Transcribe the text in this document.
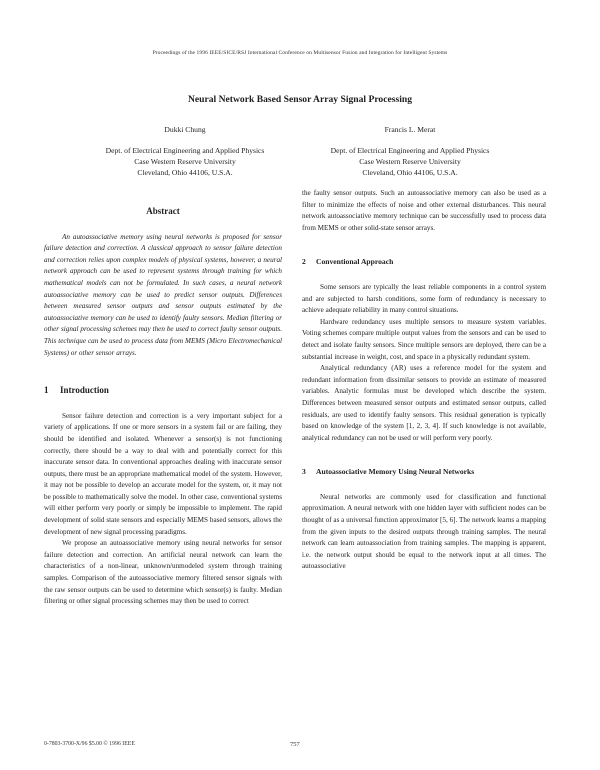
Proceedings of the 1996 IEEE/SICE/RSJ International Conference on Multisensor Fusion and Integration for Intelligent Systems
Neural Network Based Sensor Array Signal Processing
Dukki Chung
Dept. of Electrical Engineering and Applied Physics
Case Western Reserve University
Cleveland, Ohio 44106, U.S.A.
Francis L. Merat
Dept. of Electrical Engineering and Applied Physics
Case Western Reserve University
Cleveland, Ohio 44106, U.S.A.
Abstract

An autoassociative memory using neural networks is proposed for sensor failure detection and correction. A classical approach to sensor failure detection and correction relies upon complex models of physical systems, however, a neural network approach can be used to represent systems through training for which mathematical models can not be formulated. In such cases, a neural network autoassociative memory can be used to predict sensor outputs. Differences between measured sensor outputs and sensor outputs estimated by the autoassociative memory can be used to identify faulty sensors. Median filtering or other signal processing schemes may then be used to correct faulty sensor outputs. This technique can be used to process data from MEMS (Micro Electromechanical Systems) or other sensor arrays.

1 Introduction

Sensor failure detection and correction is a very important subject for a variety of applications. If one or more sensors in a system fail or are failing, they should be identified and isolated. Whenever a sensor(s) is not functioning correctly, there should be a way to deal with and potentially correct for this inaccurate sensor data. In conventional approaches dealing with inaccurate sensor outputs, there must be an appropriate mathematical model of the system. However, it may not be possible to develop an accurate model for the system, or, it may not be possible to mathematically solve the model. In other case, conventional systems will either perform very poorly or simply be impossible to implement. The rapid development of solid state sensors and especially MEMS based sensors, allows the development of new signal processing paradigms.

We propose an autoassociative memory using neural networks for sensor failure detection and correction. An artificial neural network can learn the characteristics of a non-linear, unknown/unmodeled system through training samples. Comparison of the autoassociative memory filtered sensor signals with the raw sensor outputs can be used to determine which sensor(s) is faulty. Median filtering or other signal processing schemes may then be used to correct

the faulty sensor outputs. Such an autoassociative memory can also be used as a filter to minimize the effects of noise and other external disturbances. This neural network autoassociative memory technique can be successfully used to process data from MEMS or other solid-state sensor arrays.

2 Conventional Approach

Some sensors are typically the least reliable components in a control system and are subjected to harsh conditions, some form of redundancy is necessary to achieve adequate reliability in many control situations.

Hardware redundancy uses multiple sensors to measure system variables. Voting schemes compare multiple output values from the sensors and can be used to detect and isolate faulty sensors. Since multiple sensors are deployed, there can be a substantial increase in weight, cost, and space in a physically redundant system.

Analytical redundancy (AR) uses a reference model for the system and redundant information from dissimilar sensors to provide an estimate of measured variables. Analytic formulas must be developed which describe the system. Differences between measured sensor outputs and estimated sensor outputs, called residuals, are used to identify faulty sensors. This residual generation is typically based on knowledge of the system [1, 2, 3, 4]. If such knowledge is not available, analytical redundancy can not be used or will perform very poorly.

3 Autoassociative Memory Using Neural Networks

Neural networks are commonly used for classification and functional approximation. A neural network with one hidden layer with sufficient nodes can be thought of as a universal function approximator [5, 6]. The network learns a mapping from the given inputs to the desired outputs through training samples. The neural network can learn autoassociation from training samples. The mapping is apparent, i.e. the network output should be equal to the network input at all times. The autoassociative

0-7803-3700-X/96 $5.00 © 1996 IEEE	757
